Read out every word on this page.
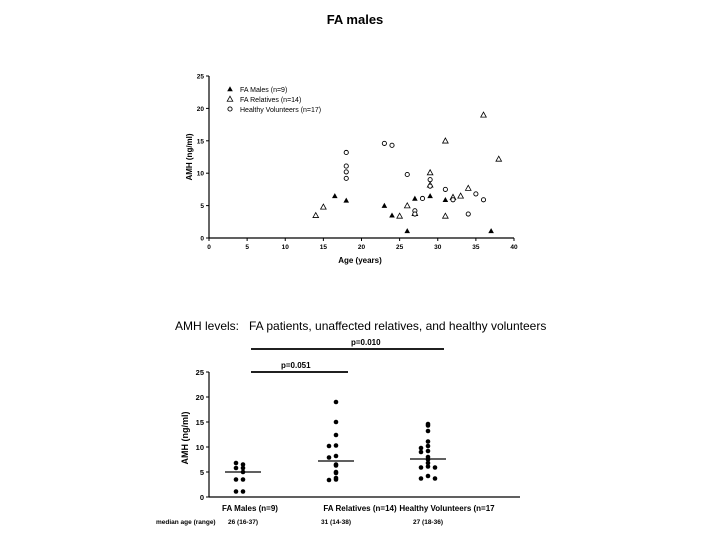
FA males
0	5	10	15	20	25	30	35	40
0
5
10
15
20
25
FA Males (n=9)
FA Relatives (n=14)
Healthy Volunteers (n=17)
Age (years)
AMH (ng/ml)
AMH levels:   FA patients, unaffected relatives, and healthy volunteers
0
5
10
15
20
25
p=0.010
p=0.051
FA Males (n=9)
26 (16-37)
FA Relatives (n=14)
31 (14-38)
Healthy Volunteers (n=17
27 (18-36)
AMH (ng/ml)
median age (range)
